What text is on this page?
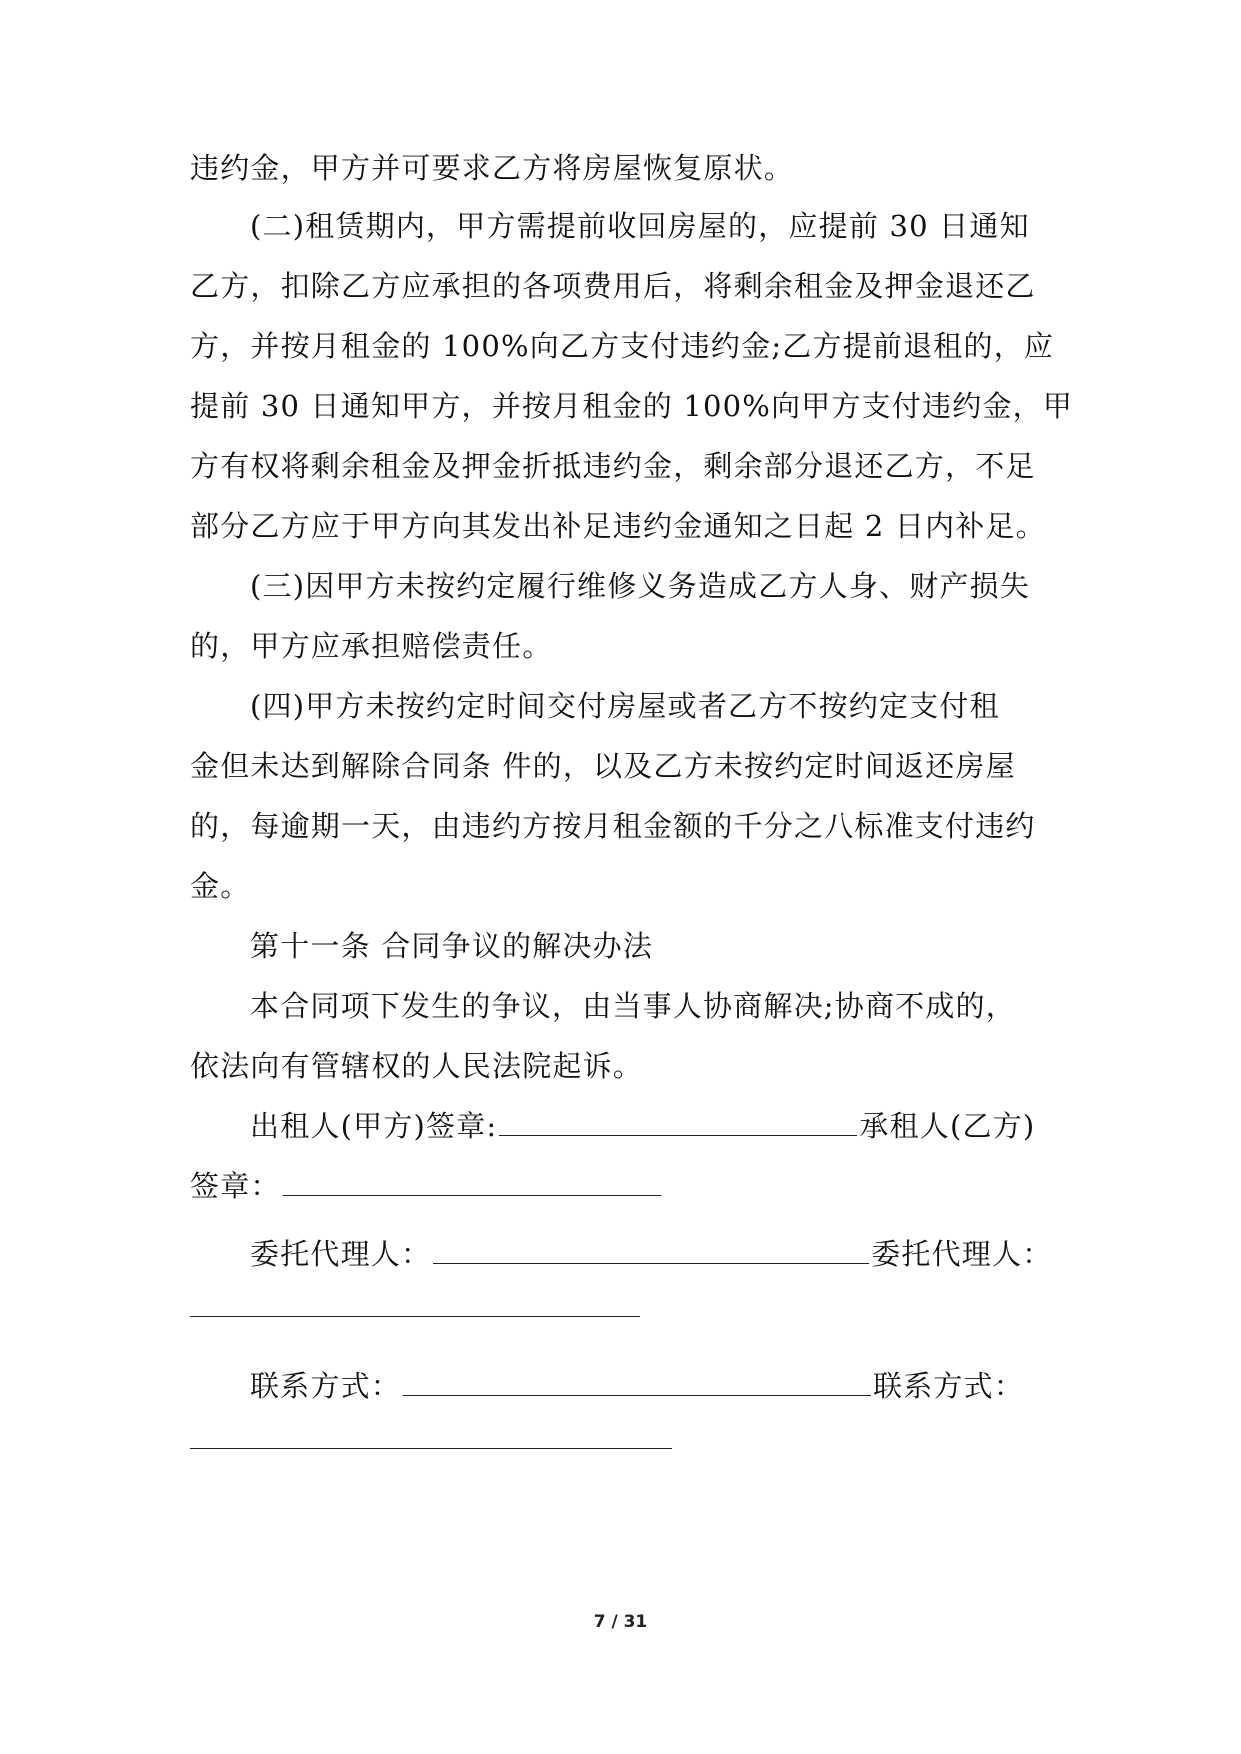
违约金，甲方并可要求乙方将房屋恢复原状。
(二)租赁期内，甲方需提前收回房屋的，应提前 30 日通知
乙方，扣除乙方应承担的各项费用后，将剩余租金及押金退还乙
方，并按月租金的 100%向乙方支付违约金;乙方提前退租的，应
提前 30 日通知甲方，并按月租金的 100%向甲方支付违约金，甲
方有权将剩余租金及押金折抵违约金，剩余部分退还乙方，不足
部分乙方应于甲方向其发出补足违约金通知之日起 2 日内补足。
(三)因甲方未按约定履行维修义务造成乙方人身、财产损失
的，甲方应承担赔偿责任。
(四)甲方未按约定时间交付房屋或者乙方不按约定支付租
金但未达到解除合同条 件的，以及乙方未按约定时间返还房屋
的，每逾期一天，由违约方按月租金额的千分之八标准支付违约
金。
第十一条 合同争议的解决办法
本合同项下发生的争议，由当事人协商解决;协商不成的，
依法向有管辖权的人民法院起诉。
出租人(甲方)签章:	承租人(乙方)
签章：
委托代理人：	委托代理人：
联系方式：	联系方式：
7 / 31
